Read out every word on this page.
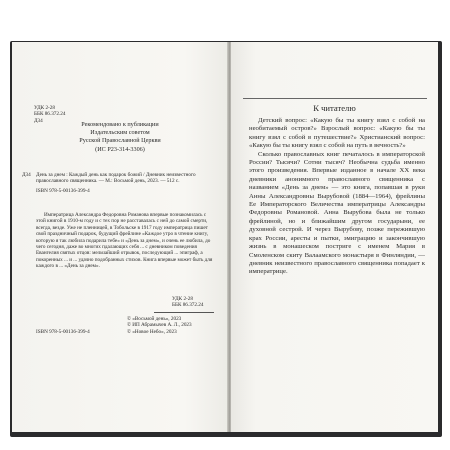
УДК 2-28
ББК 86.372.24
Д34
Рекомендовано к публикации
Издательским советом
Русской Православной Церкви
(ИС Р23-314-3306)
Д34 День за днем : Каждый день как подарок божий / Дневник неизвестного православного священника. — М.: Восьмой день, 2023. — 512 с.
ISBN 978-5-00136-399-4
Императрица Александра Федоровна Романова впервые познакомилась с этой книгой в 1910-м году и с тех пор не расставалась с ней до самой смерти, всегда, везде. Уже не пленницей, в Тобольске в 1917 году императрица пишет свой праздничный подарок, будущий фрейлине «Каждое утро в чтение книгу, которую я так любила подарила тебе» и «День за днем», и очень ее любила, до чего сегодня, даже во многих пдалающих себя ... с дневником поведения Евангелия святых отцов: мельчайший отрывок, последующий ... эпиграф, а покоренных ... и ... удачно подобранных стихов. Книга впервые может быть для каждого в ... «День за днем».
УДК 2-28
ББК 86.372.24
ISBN 978-5-00136-399-4
© «Восьмой день», 2023
© ИП Абрамычев А. Л., 2023
© «Новое Небо», 2023
К читателю

Детский вопрос: «Какую бы ты книгу взял с собой на необитаемый остров?» Взрослый вопрос: «Какую бы ты книгу взял с собой в путешествие?» Христианский вопрос: «Какую бы ты книгу взял с собой на путь в вечность?»

Сколько православных книг печаталось в императорской России? Тысячи? Сотни тысяч? Необычна судьба именно этого произведения. Впервые изданное в начале XX века дневники анонимного православного священника с названием «День за днем» — это книга, попавшая в руки Анны Александровны Вырубовой (1884—1964), фрейлины Ее Императорского Величества императрицы Александры Федоровны Романовой. Анна Вырубова была не только фрейлиной, но и ближайшим другом государыни, ее духовной сестрой. И через Вырубову, позже пережившую крах России, аресты и пытки, эмиграцию и закончившую жизнь в монашеском постриге с именем Мария в Смоленском скиту Валаамского монастыря в Финляндии, — дневник неизвестного православного священника попадает к императрице.
